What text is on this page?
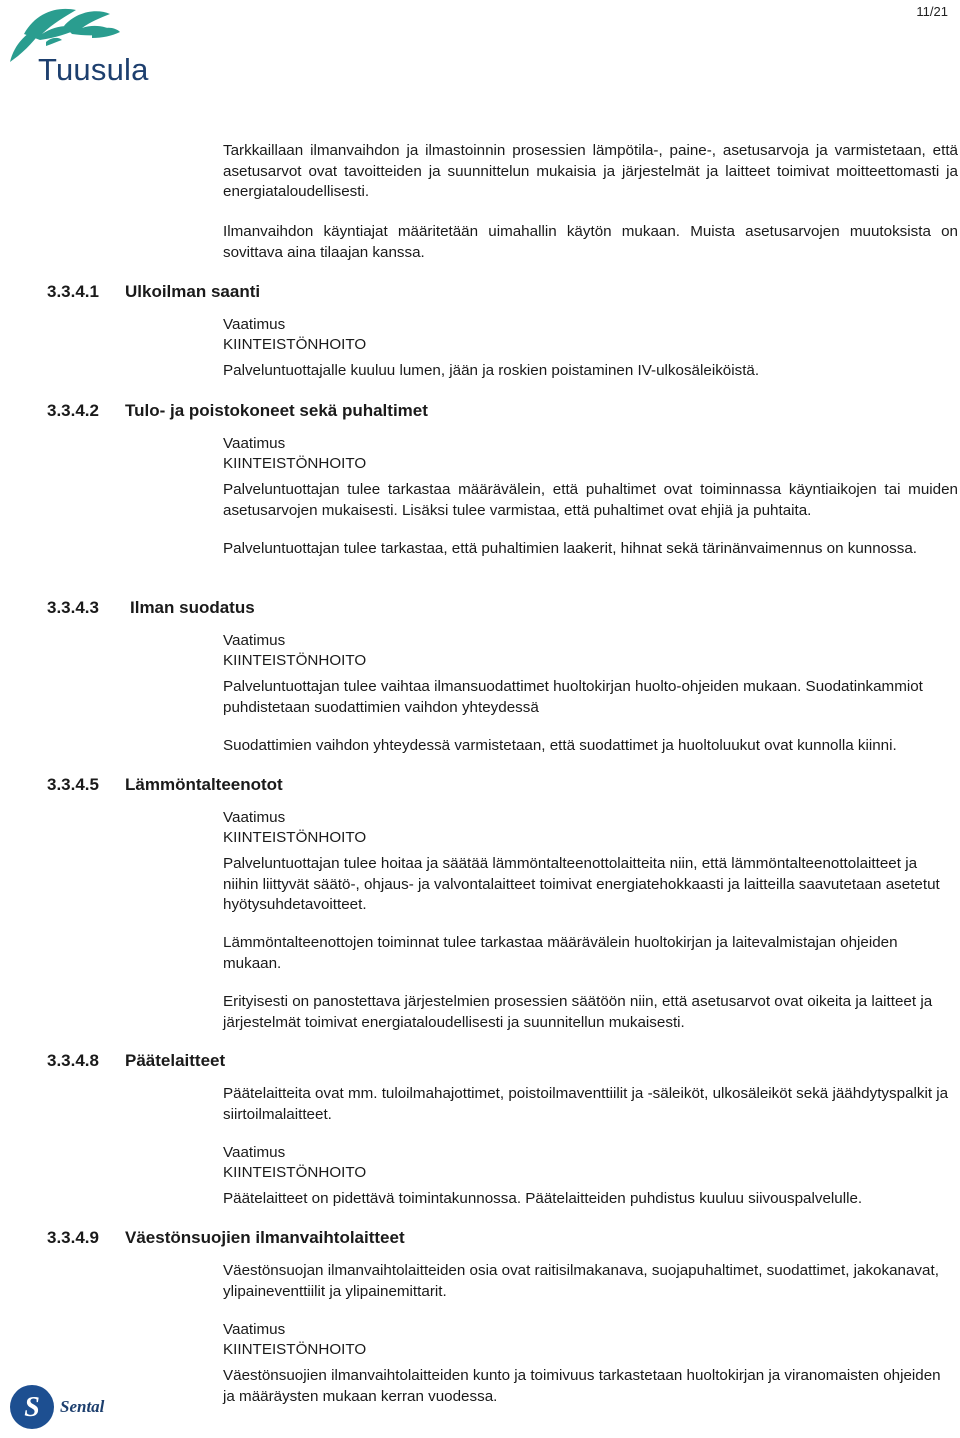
11/21
Tuusula

Tarkkaillaan ilmanvaihdon ja ilmastoinnin prosessien lämpötila-, paine-, asetusarvoja ja varmistetaan, että asetusarvot ovat tavoitteiden ja suunnittelun mukaisia ja järjestelmät ja laitteet toimivat moitteettomasti ja energiataloudellisesti.

Ilmanvaihdon käyntiajat määritetään uimahallin käytön mukaan. Muista asetusarvojen muutoksista on sovittava aina tilaajan kanssa.

3.3.4.1 Ulkoilman saanti
Vaatimus
KIINTEISTÖNHOITO

Palveluntuottajalle kuuluu lumen, jään ja roskien poistaminen IV-ulkosäleiköistä.

3.3.4.2 Tulo- ja poistokoneet sekä puhaltimet
Vaatimus
KIINTEISTÖNHOITO

Palveluntuottajan tulee tarkastaa määrävälein, että puhaltimet ovat toiminnassa käyntiaikojen tai muiden asetusarvojen mukaisesti. Lisäksi tulee varmistaa, että puhaltimet ovat ehjiä ja puhtaita.

Palveluntuottajan tulee tarkastaa, että puhaltimien laakerit, hihnat sekä tärinänvaimennus on kunnossa.

3.3.4.3 Ilman suodatus
Vaatimus
KIINTEISTÖNHOITO

Palveluntuottajan tulee vaihtaa ilmansuodattimet huoltokirjan huolto-ohjeiden mukaan. Suodatinkammiot puhdistetaan suodattimien vaihdon yhteydessä

Suodattimien vaihdon yhteydessä varmistetaan, että suodattimet ja huoltoluukut ovat kunnolla kiinni.

3.3.4.5 Lämmöntalteenotot
Vaatimus
KIINTEISTÖNHOITO

Palveluntuottajan tulee hoitaa ja säätää lämmöntalteenottolaitteita niin, että lämmöntalteenottolaitteet ja niihin liittyvät säätö-, ohjaus- ja valvontalaitteet toimivat energiatehokkaasti ja laitteilla saavutetaan asetetut hyötysuhdetavoitteet.

Lämmöntalteenottojen toiminnat tulee tarkastaa määrävälein huoltokirjan ja laitevalmistajan ohjeiden mukaan.

Erityisesti on panostettava järjestelmien prosessien säätöön niin, että asetusarvot ovat oikeita ja laitteet ja järjestelmät toimivat energiataloudellisesti ja suunnitellun mukaisesti.

3.3.4.8 Päätelaitteet

Päätelaitteita ovat mm. tuloilmahajottimet, poistoilmaventtiilit ja -säleiköt, ulkosäleiköt sekä jäähdytyspalkit ja siirtoilmalaitteet.

Vaatimus
KIINTEISTÖNHOITO

Päätelaitteet on pidettävä toimintakunnossa. Päätelaitteiden puhdistus kuuluu siivouspalvelulle.

3.3.4.9 Väestönsuojien ilmanvaihtolaitteet

Väestönsuojan ilmanvaihtolaitteiden osia ovat raitisilmakanava, suojapuhaltimet, suodattimet, jakokanavat, ylipaineventtiilit ja ylipainemittarit.

Vaatimus
KIINTEISTÖNHOITO

Väestönsuojien ilmanvaihtolaitteiden kunto ja toimivuus tarkastetaan huoltokirjan ja viranomaisten ohjeiden ja määräysten mukaan kerran vuodessa.

S Sental
